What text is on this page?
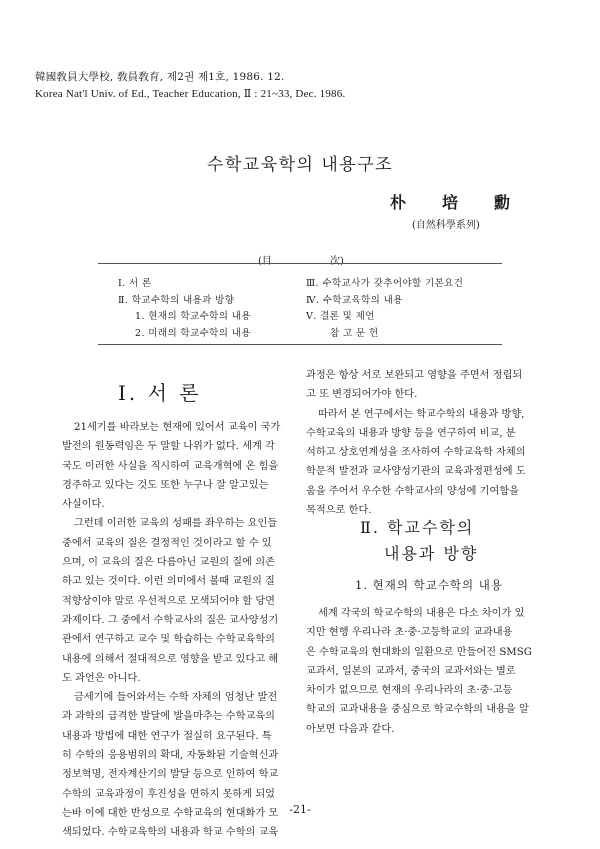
韓國敎員大學校, 敎員敎育, 제2권 제1호, 1986. 12.
Korea Nat'l Univ. of Ed., Teacher Education, Ⅱ : 21~33, Dec. 1986.
수학교육학의 내용구조
朴 培 勳
(自然科學系列)
(目	次)
Ⅰ. 서 론
Ⅱ. 학교수학의 내용과 방향
1. 현재의 학교수학의 내용
2. 미래의 학교수학의 내용
Ⅲ. 수학교사가 갖추어야할 기본요건
Ⅳ. 수학교육학의 내용
Ⅴ. 결론 및 제언
참 고 문 헌
Ⅰ. 서 론

21세기를 바라보는 현재에 있어서 교육이 국가

발전의 원동력임은 두 말할 나위가 없다. 세계 각

국도 이러한 사실을 직시하여 교육개혁에 온 힘을

경주하고 있다는 것도 또한 누구나 잘 알고있는

사실이다.

그런데 이러한 교육의 성패를 좌우하는 요인들

중에서 교육의 질은 결정적인 것이라고 할 수 있

으며, 이 교육의 질은 다름아닌 교원의 질에 의존

하고 있는 것이다. 이런 의미에서 볼때 교원의 질

적향상이야 말로 우선적으로 모색되어야 할 당면

과제이다. 그 중에서 수학교사의 질은 교사양성기

관에서 연구하고 교수 및 학습하는 수학교육학의

내용에 의해서 절대적으로 영향을 받고 있다고 해

도 과언은 아니다.

금세기에 들어와서는 수학 자체의 엄청난 발전

과 과학의 급격한 발달에 발을마추는 수학교육의

내용과 방법에 대한 연구가 절실히 요구된다. 특

히 수학의 응용범위의 확대, 자동화된 기술혁신과

정보혁명, 전자계산기의 발달 등으로 인하여 학교

수학의 교육과정이 후진성을 면하지 못하게 되었

는바 이에 대한 반성으로 수학교육의 현대화가 모

색되었다. 수학교육학의 내용과 학교 수학의 교육

과정은 항상 서로 보완되고 영향을 주면서 정립되

고 또 변경되어가야 한다.

따라서 본 연구에서는 학교수학의 내용과 방향,

수학교육의 내용과 방향 등을 연구하여 비교, 분

석하고 상호연계성을 조사하여 수학교육학 자체의

학문적 발전과 교사양성기관의 교육과정편성에 도

움을 주어서 우수한 수학교사의 양성에 기여함을

목적으로 한다.

Ⅱ. 학교수학의
내용과 방향
1. 현재의 학교수학의 내용

세계 각국의 학교수학의 내용은 다소 차이가 있

지만 현행 우리나라 초·중·고등학교의 교과내용

은 수학교육의 현대화의 일환으로 만들어진 SMSG

교과서, 일본의 교과서, 중국의 교과서와는 별로

차이가 없으므로 현재의 우리나라의 초·중·고등

학교의 교과내용을 중심으로 학교수학의 내용을 알

아보면 다음과 같다.

-21-
